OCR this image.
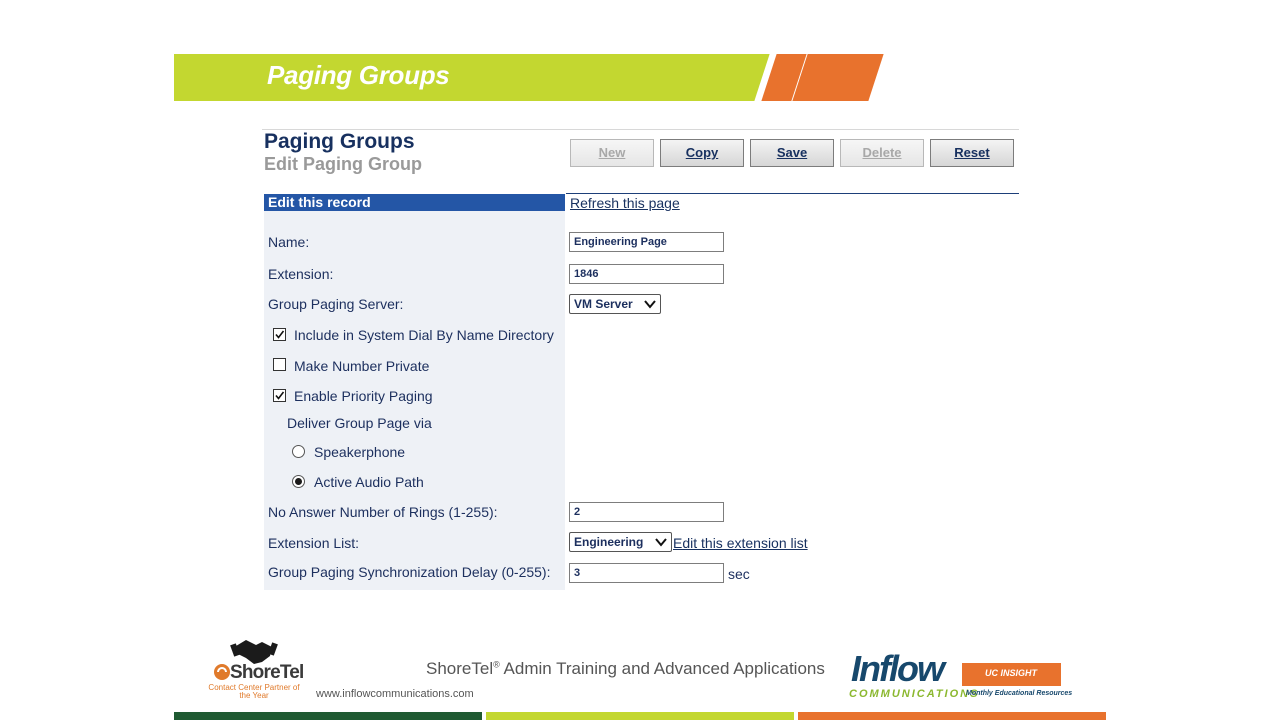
Paging Groups
Paging Groups
Edit Paging Group
New	Copy	Save	Delete	Reset
Edit this record	Refresh this page
Name:	Engineering Page
Extension:	1846
Group Paging Server:	VM Server
Include in System Dial By Name Directory
Make Number Private
Enable Priority Paging
Deliver Group Page via
Speakerphone
Active Audio Path
No Answer Number of Rings (1-255):	2
Extension List:	Engineering	Edit this extension list
Group Paging Synchronization Delay (0-255):	3	sec
ShoreTel
Contact Center Partner of the Year
ShoreTel® Admin Training and Advanced Applications
www.inflowcommunications.com
UC INSIGHT
Inflow
COMMUNICATIONS
Monthly Educational Resources
